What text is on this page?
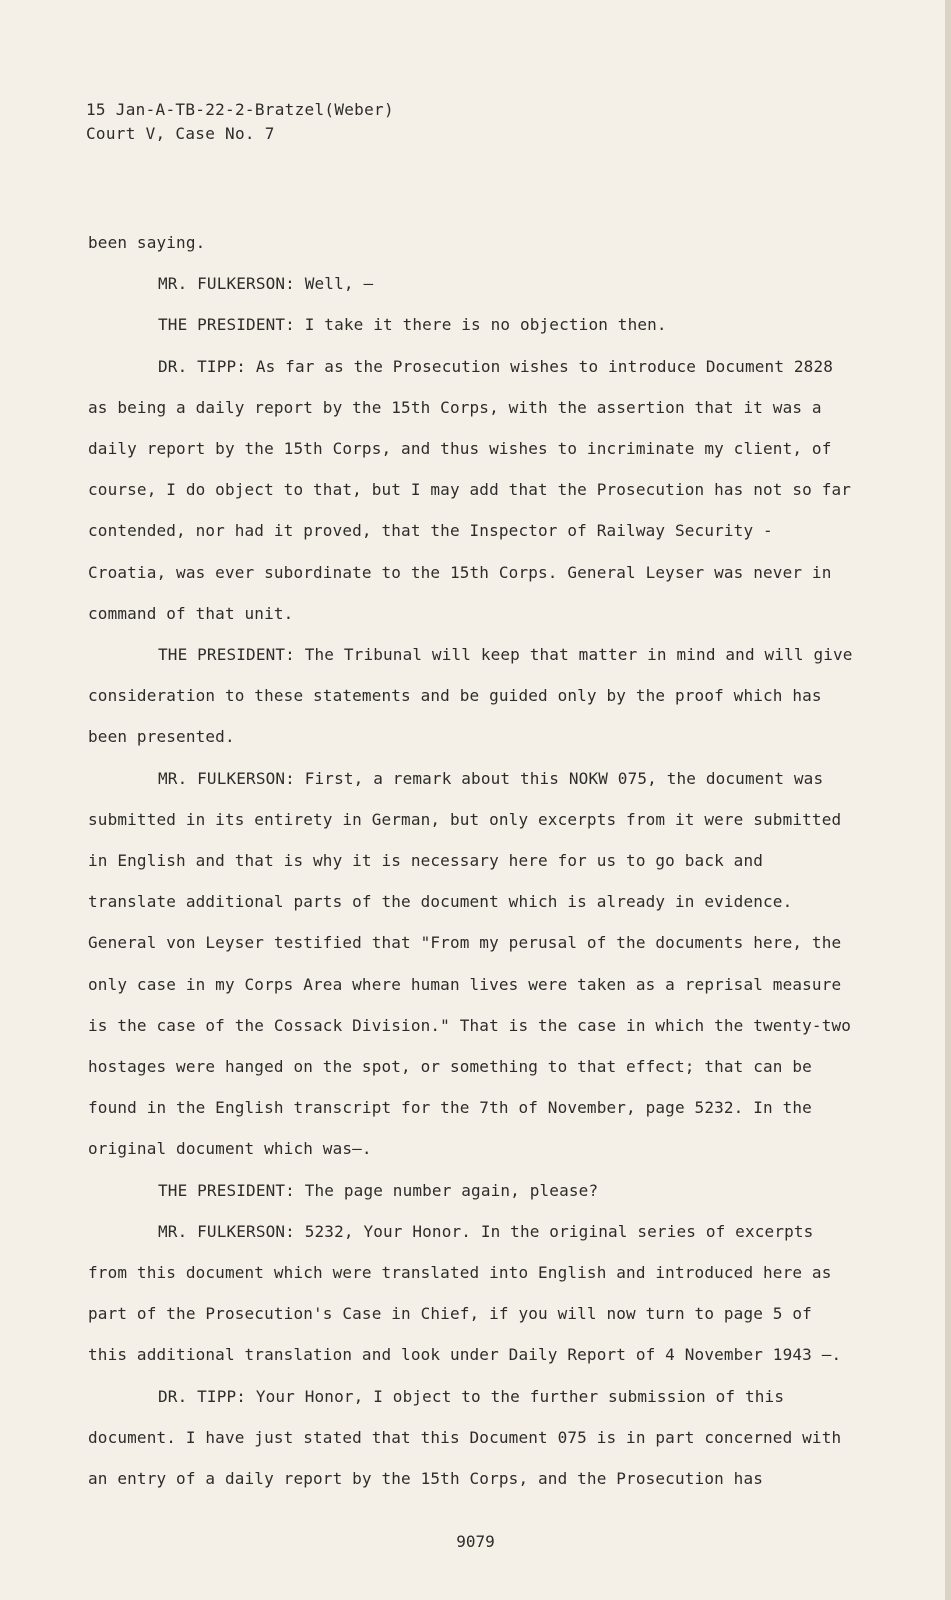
15 Jan-A-TB-22-2-Bratzel(Weber)
Court V, Case No. 7

been saying.

MR. FULKERSON: Well, —

THE PRESIDENT: I take it there is no objection then.

DR. TIPP: As far as the Prosecution wishes to introduce Document 2828 as being a daily report by the 15th Corps, with the assertion that it was a daily report by the 15th Corps, and thus wishes to incriminate my client, of course, I do object to that, but I may add that the Prosecution has not so far contended, nor had it proved, that the Inspector of Railway Security - Croatia, was ever subordinate to the 15th Corps. General Leyser was never in command of that unit.

THE PRESIDENT: The Tribunal will keep that matter in mind and will give consideration to these statements and be guided only by the proof which has been presented.

MR. FULKERSON: First, a remark about this NOKW 075, the document was submitted in its entirety in German, but only excerpts from it were submitted in English and that is why it is necessary here for us to go back and translate additional parts of the document which is already in evidence. General von Leyser testified that "From my perusal of the documents here, the only case in my Corps Area where human lives were taken as a reprisal measure is the case of the Cossack Division." That is the case in which the twenty-two hostages were hanged on the spot, or something to that effect; that can be found in the English transcript for the 7th of November, page 5232. In the original document which was—.

THE PRESIDENT: The page number again, please?

MR. FULKERSON: 5232, Your Honor. In the original series of excerpts from this document which were translated into English and introduced here as part of the Prosecution's Case in Chief, if you will now turn to page 5 of this additional translation and look under Daily Report of 4 November 1943 —.

DR. TIPP: Your Honor, I object to the further submission of this document. I have just stated that this Document 075 is in part concerned with an entry of a daily report by the 15th Corps, and the Prosecution has

9079
